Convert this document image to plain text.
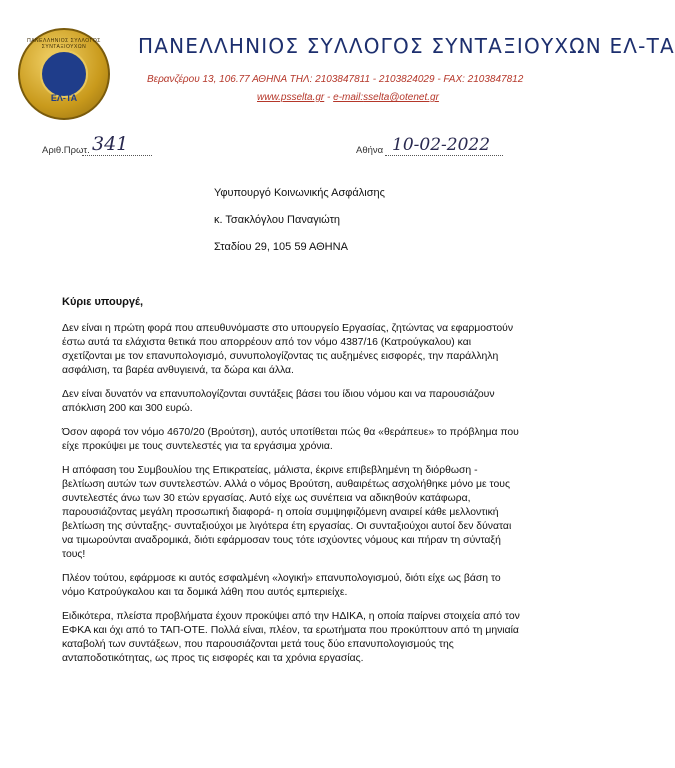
ΠΑΝΕΛΛΗΝΙΟΣ ΣΥΛΛΟΓΟΣ ΣΥΝΤΑΞΙΟΥΧΩΝ
ΕΛ-ΤΑ
ΠΑΝΕΛΛΗΝΙΟΣ ΣΥΛΛΟΓΟΣ ΣΥΝΤΑΞΙΟΥΧΩΝ ΕΛ-ΤΑ
Βερανζέρου 13, 106.77 ΑΘΗΝΑ ΤΗΛ: 2103847811 - 2103824029 - FAX: 2103847812
www.psselta.gr - e-mail:sselta@otenet.gr
Αριθ.Πρωτ. 341	Αθήνα 10-02-2022
Υφυπουργό Κοινωνικής Ασφάλισης
κ. Τσακλόγλου Παναγιώτη
Σταδίου 29, 105 59 ΑΘΗΝΑ
Κύριε υπουργέ,

Δεν είναι η πρώτη φορά που απευθυνόμαστε στο υπουργείο Εργασίας, ζητώντας να εφαρμοστούν έστω αυτά τα ελάχιστα θετικά που απορρέουν από τον νόμο 4387/16 (Κατρούγκαλου) και σχετίζονται με τον επανυπολογισμό, συνυπολογίζοντας τις αυξημένες εισφορές, την παράλληλη ασφάλιση, τα βαρέα ανθυγιεινά, τα δώρα και άλλα.

Δεν είναι δυνατόν να επανυπολογίζονται συντάξεις βάσει του ίδιου νόμου και να παρουσιάζουν απόκλιση 200 και 300 ευρώ.

Όσον αφορά τον νόμο 4670/20 (Βρούτση), αυτός υποτίθεται πώς θα «θεράπευε» το πρόβλημα που είχε προκύψει με τους συντελεστές για τα εργάσιμα χρόνια.

Η απόφαση του Συμβουλίου της Επικρατείας, μάλιστα, έκρινε επιβεβλημένη τη διόρθωση - βελτίωση αυτών των συντελεστών. Αλλά ο νόμος Βρούτση, αυθαιρέτως ασχολήθηκε μόνο με τους συντελεστές άνω των 30 ετών εργασίας. Αυτό είχε ως συνέπεια να αδικηθούν κατάφωρα, παρουσιάζοντας μεγάλη προσωπική διαφορά- η οποία συμψηφιζόμενη αναιρεί κάθε μελλοντική βελτίωση της σύνταξης- συνταξιούχοι με λιγότερα έτη εργασίας. Οι συνταξιούχοι αυτοί δεν δύναται να τιμωρούνται αναδρομικά, διότι εφάρμοσαν τους τότε ισχύοντες νόμους και πήραν τη σύνταξή τους!

Πλέον τούτου, εφάρμοσε κι αυτός εσφαλμένη «λογική» επανυπολογισμού, διότι είχε ως βάση το νόμο Κατρούγκαλου και τα δομικά λάθη που αυτός εμπεριείχε.

Ειδικότερα, πλείστα προβλήματα έχουν προκύψει από την ΗΔΙΚΑ, η οποία παίρνει στοιχεία από τον ΕΦΚΑ και όχι από το ΤΑΠ-ΟΤΕ. Πολλά είναι, πλέον, τα ερωτήματα που προκύπτουν από τη μηνιαία καταβολή των συντάξεων, που παρουσιάζονται μετά τους δύο επανυπολογισμούς της ανταποδοτικότητας, ως προς τις εισφορές και τα χρόνια εργασίας.
